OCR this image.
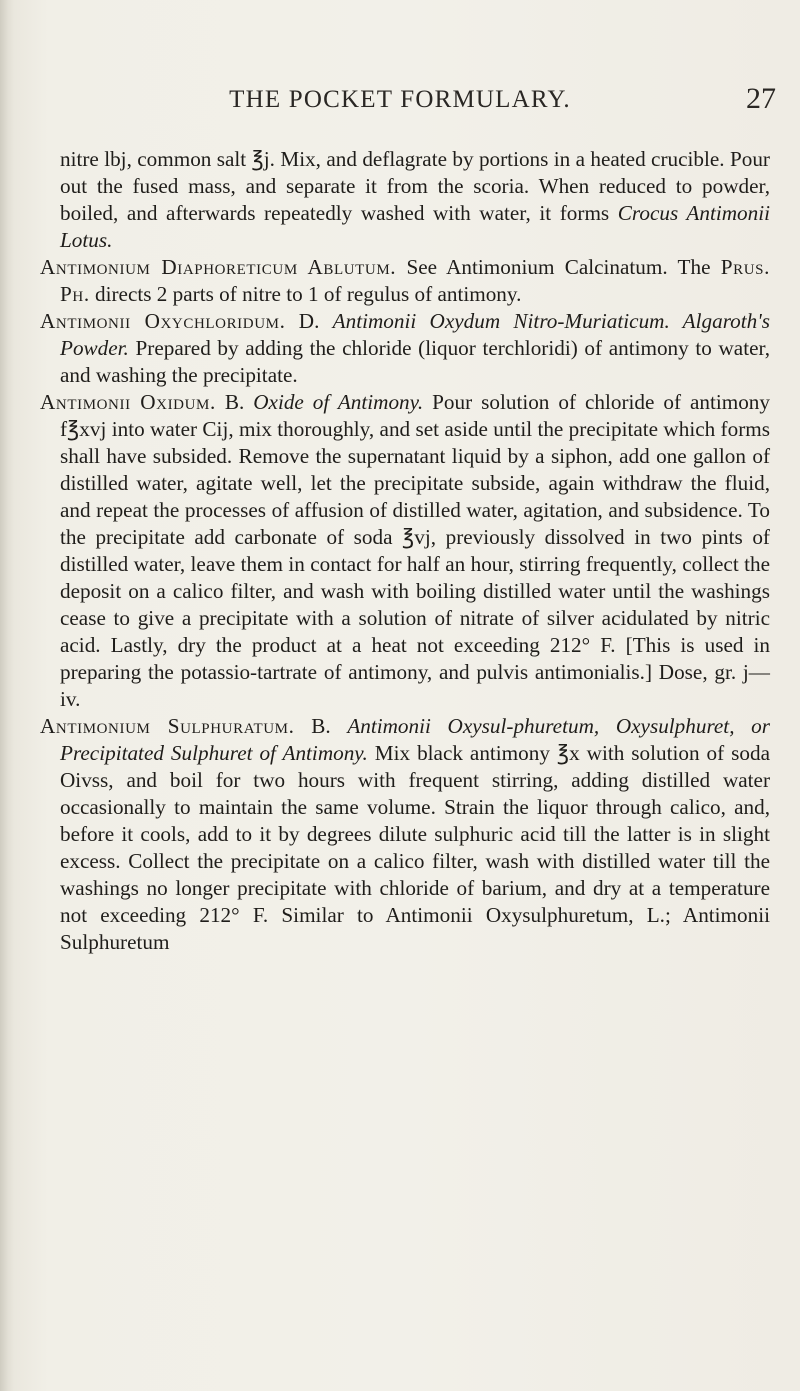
THE POCKET FORMULARY.	27

nitre lbj, common salt ℥j. Mix, and deflagrate by portions in a heated crucible. Pour out the fused mass, and separate it from the scoria. When reduced to powder, boiled, and afterwards repeatedly washed with water, it forms Crocus Antimonii Lotus.

Antimonium Diaphoreticum Ablutum. See Antimonium Calcinatum. The Prus. Ph. directs 2 parts of nitre to 1 of regulus of antimony.

Antimonii Oxychloridum. D. Antimonii Oxydum Nitro-Muriaticum. Algaroth's Powder. Prepared by adding the chloride (liquor terchloridi) of antimony to water, and washing the precipitate.

Antimonii Oxidum. B. Oxide of Antimony. Pour solution of chloride of antimony f℥xvj into water Cij, mix thoroughly, and set aside until the precipitate which forms shall have subsided. Remove the supernatant liquid by a siphon, add one gallon of distilled water, agitate well, let the precipitate subside, again withdraw the fluid, and repeat the processes of affusion of distilled water, agitation, and subsidence. To the precipitate add carbonate of soda ℥vj, previously dissolved in two pints of distilled water, leave them in contact for half an hour, stirring frequently, collect the deposit on a calico filter, and wash with boiling distilled water until the washings cease to give a precipitate with a solution of nitrate of silver acidulated by nitric acid. Lastly, dry the product at a heat not exceeding 212° F. [This is used in preparing the potassio-tartrate of antimony, and pulvis antimonialis.] Dose, gr. j—iv.

Antimonium Sulphuratum. B. Antimonii Oxysul-phuretum, Oxysulphuret, or Precipitated Sulphuret of Antimony. Mix black antimony ℥x with solution of soda Oivss, and boil for two hours with frequent stirring, adding distilled water occasionally to maintain the same volume. Strain the liquor through calico, and, before it cools, add to it by degrees dilute sulphuric acid till the latter is in slight excess. Collect the precipitate on a calico filter, wash with distilled water till the washings no longer precipitate with chloride of barium, and dry at a temperature not exceeding 212° F. Similar to Antimonii Oxysulphuretum, L.; Antimonii Sulphuretum
